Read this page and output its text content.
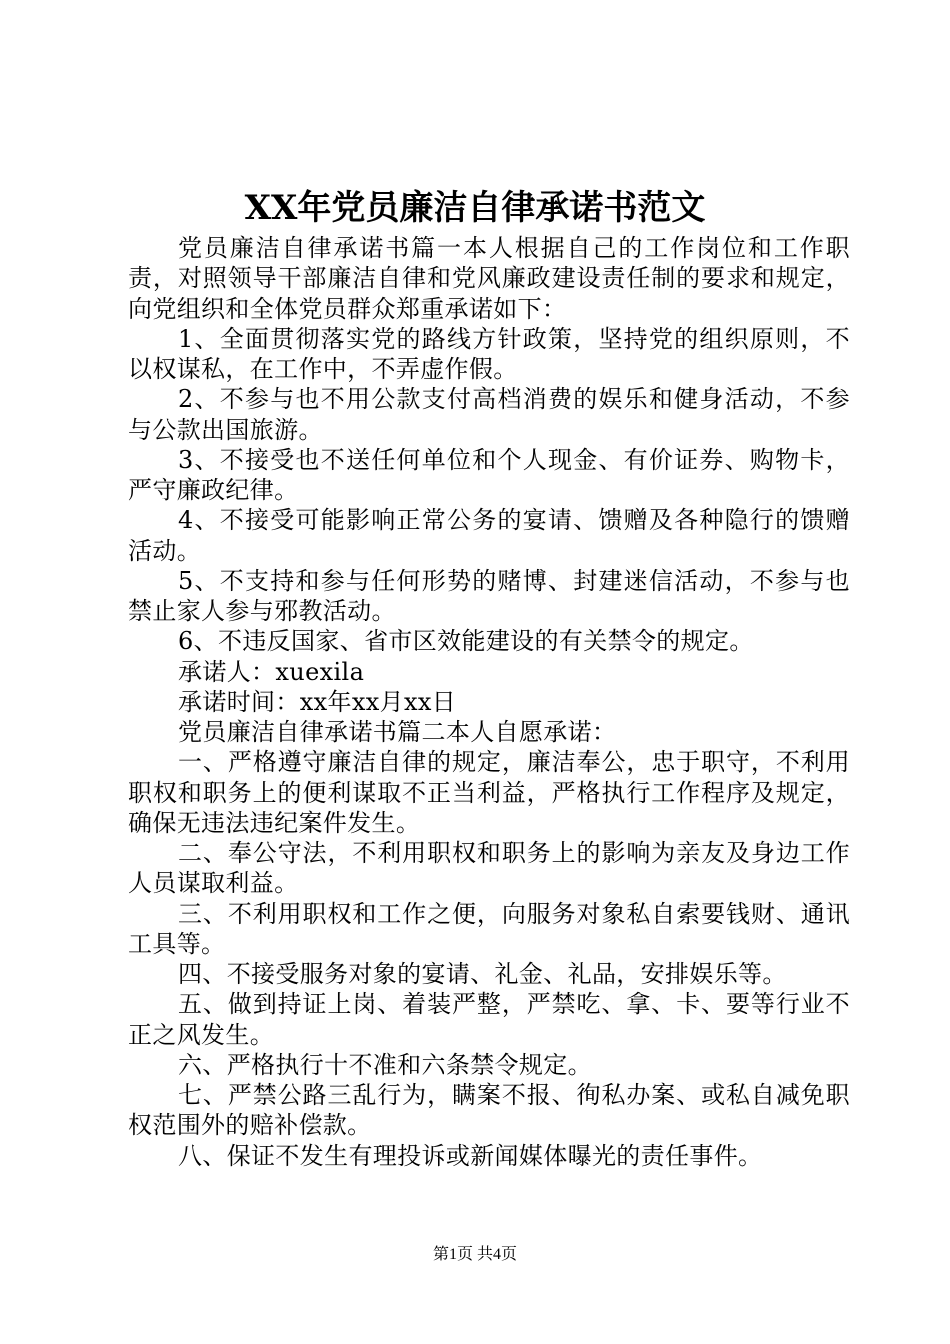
XX年党员廉洁自律承诺书范文

党员廉洁自律承诺书篇一本人根据自己的工作岗位和工作职责，对照领导干部廉洁自律和党风廉政建设责任制的要求和规定，向党组织和全体党员群众郑重承诺如下：

1、全面贯彻落实党的路线方针政策，坚持党的组织原则，不以权谋私，在工作中，不弄虚作假。

2、不参与也不用公款支付高档消费的娱乐和健身活动，不参与公款出国旅游。

3、不接受也不送任何单位和个人现金、有价证券、购物卡，严守廉政纪律。

4、不接受可能影响正常公务的宴请、馈赠及各种隐行的馈赠活动。

5、不支持和参与任何形势的赌博、封建迷信活动，不参与也禁止家人参与邪教活动。

6、不违反国家、省市区效能建设的有关禁令的规定。

承诺人：xuexila

承诺时间：xx年xx月xx日

党员廉洁自律承诺书篇二本人自愿承诺：

一、严格遵守廉洁自律的规定，廉洁奉公，忠于职守，不利用职权和职务上的便利谋取不正当利益，严格执行工作程序及规定，确保无违法违纪案件发生。

二、奉公守法，不利用职权和职务上的影响为亲友及身边工作人员谋取利益。

三、不利用职权和工作之便，向服务对象私自索要钱财、通讯工具等。

四、不接受服务对象的宴请、礼金、礼品，安排娱乐等。

五、做到持证上岗、着装严整，严禁吃、拿、卡、要等行业不正之风发生。

六、严格执行十不准和六条禁令规定。

七、严禁公路三乱行为，瞒案不报、徇私办案、或私自减免职权范围外的赔补偿款。

八、保证不发生有理投诉或新闻媒体曝光的责任事件。

第1页 共4页
